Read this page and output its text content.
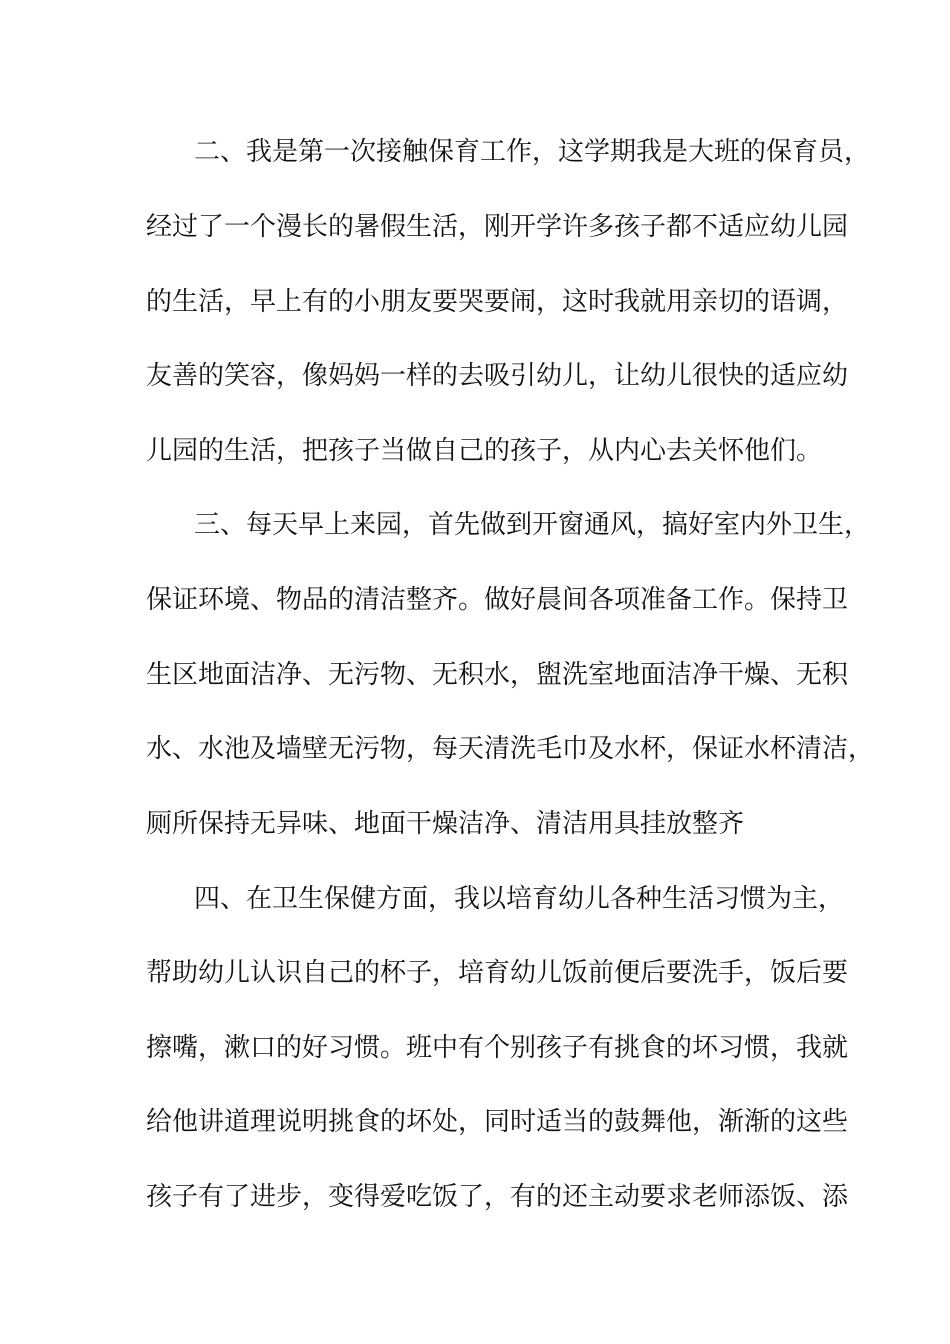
二、我是第一次接触保育工作，这学期我是大班的保育员，

经过了一个漫长的暑假生活，刚开学许多孩子都不适应幼儿园

的生活，早上有的小朋友要哭要闹，这时我就用亲切的语调，

友善的笑容，像妈妈一样的去吸引幼儿，让幼儿很快的适应幼

儿园的生活，把孩子当做自己的孩子，从内心去关怀他们。

三、每天早上来园，首先做到开窗通风，搞好室内外卫生，

保证环境、物品的清洁整齐。做好晨间各项准备工作。保持卫

生区地面洁净、无污物、无积水，盥洗室地面洁净干燥、无积

水、水池及墙壁无污物，每天清洗毛巾及水杯，保证水杯清洁，

厕所保持无异味、地面干燥洁净、清洁用具挂放整齐

四、在卫生保健方面，我以培育幼儿各种生活习惯为主，

帮助幼儿认识自己的杯子，培育幼儿饭前便后要洗手，饭后要

擦嘴，漱口的好习惯。班中有个别孩子有挑食的坏习惯，我就

给他讲道理说明挑食的坏处，同时适当的鼓舞他，渐渐的这些

孩子有了进步，变得爱吃饭了，有的还主动要求老师添饭、添
